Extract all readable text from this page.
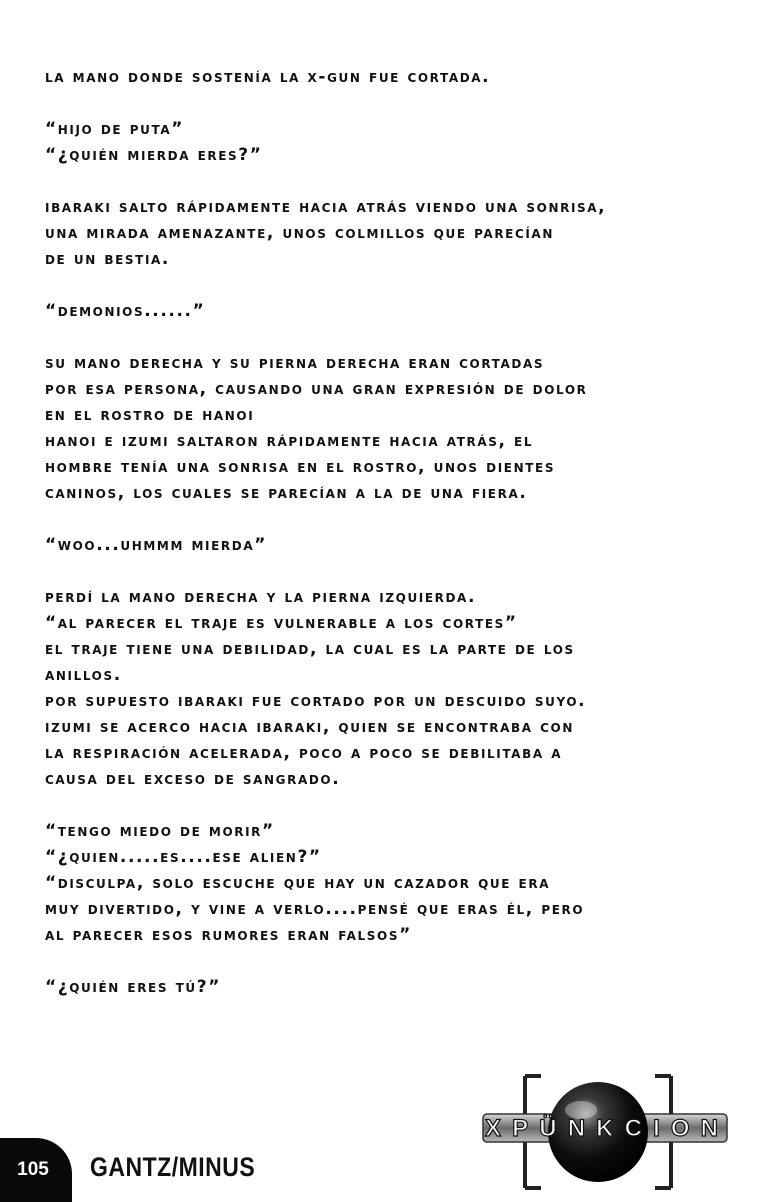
la mano donde sostenía la x-gun fue cortada.
“hijo de puta”
“¿quién mierda eres?”
ibaraki salto rápidamente hacia atrás viendo una sonrisa,
una mirada amenazante, unos colmillos que parecían
de un bestia.
“demonios......”
su mano derecha y su pierna derecha eran cortadas
por esa persona, causando una gran expresión de dolor
en el rostro de hanoi
hanoi e izumi saltaron rápidamente hacia atrás, el
hombre tenía una sonrisa en el rostro, unos dientes
caninos, los cuales se parecían a la de una fiera.
“woo...uhmmm mierda”
perdí la mano derecha y la pierna izquierda.
“al parecer el traje es vulnerable a los cortes”
el traje tiene una debilidad, la cual es la parte de los
anillos.
por supuesto ibaraki fue cortado por un descuido suyo.
izumi se acerco hacia ibaraki, quien se encontraba con
la respiración acelerada, poco a poco se debilitaba a
causa del exceso de sangrado.
“tengo miedo de morir”
“¿quien.....es....ese alien?”
“disculpa, solo escuche que hay un cazador que era
muy divertido, y vine a verlo....pensé que eras él, pero
al parecer esos rumores eran falsos”
“¿quién eres tú?”
105 GANTZ/MINUS
XPÜNKCION
